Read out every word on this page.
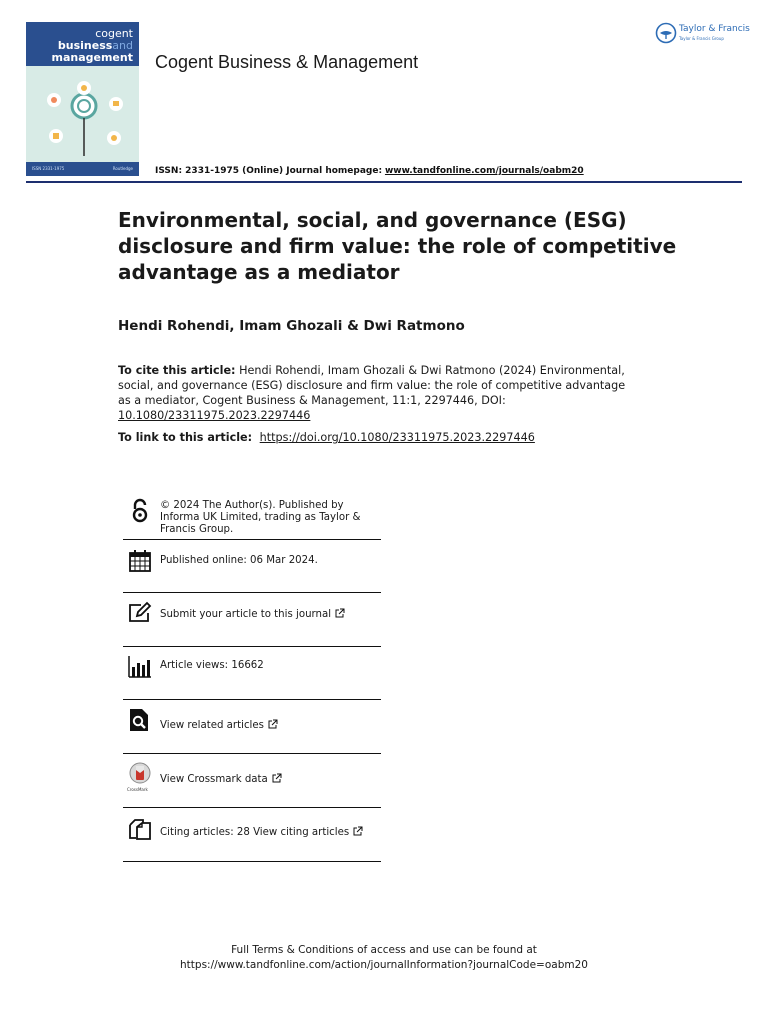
cogent
businessand
management
ISSN 2331-1975	Routledge
Cogent Business & Management
Taylor & Francis
Taylor & Francis Group
ISSN: 2331-1975 (Online) Journal homepage: www.tandfonline.com/journals/oabm20
Environmental, social, and governance (ESG) disclosure and firm value: the role of competitive advantage as a mediator
Hendi Rohendi, Imam Ghozali & Dwi Ratmono
To cite this article: Hendi Rohendi, Imam Ghozali & Dwi Ratmono (2024) Environmental, social, and governance (ESG) disclosure and firm value: the role of competitive advantage as a mediator, Cogent Business & Management, 11:1, 2297446, DOI:
10.1080/23311975.2023.2297446
To link to this article: https://doi.org/10.1080/23311975.2023.2297446
© 2024 The Author(s). Published by Informa UK Limited, trading as Taylor & Francis Group.
Published online: 06 Mar 2024.
Submit your article to this journal
Article views: 16662
View related articles
CrossMark
View Crossmark data
Citing articles: 28 View citing articles
Full Terms & Conditions of access and use can be found at
https://www.tandfonline.com/action/journalInformation?journalCode=oabm20
